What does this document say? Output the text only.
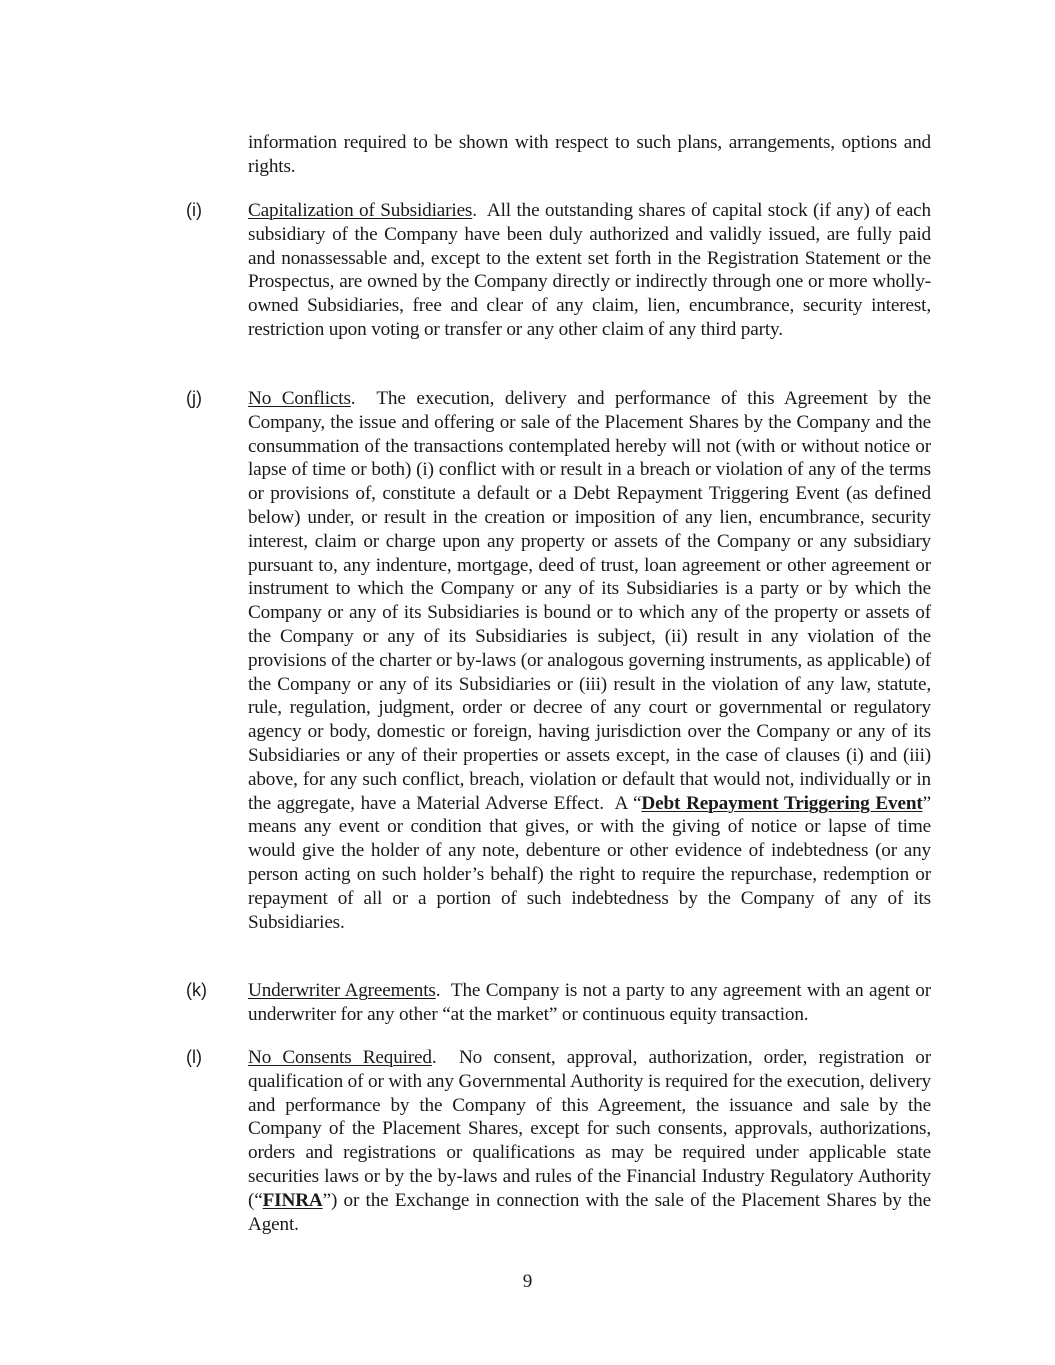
information required to be shown with respect to such plans, arrangements, options and rights.

(i) Capitalization of Subsidiaries.  All the outstanding shares of capital stock (if any) of each subsidiary of the Company have been duly authorized and validly issued, are fully paid and nonassessable and, except to the extent set forth in the Registration Statement or the Prospectus, are owned by the Company directly or indirectly through one or more wholly-owned Subsidiaries, free and clear of any claim, lien, encumbrance, security interest, restriction upon voting or transfer or any other claim of any third party.

(j) No Conflicts.  The execution, delivery and performance of this Agreement by the Company, the issue and offering or sale of the Placement Shares by the Company and the consummation of the transactions contemplated hereby will not (with or without notice or lapse of time or both) (i) conflict with or result in a breach or violation of any of the terms or provisions of, constitute a default or a Debt Repayment Triggering Event (as defined below) under, or result in the creation or imposition of any lien, encumbrance, security interest, claim or charge upon any property or assets of the Company or any subsidiary pursuant to, any indenture, mortgage, deed of trust, loan agreement or other agreement or instrument to which the Company or any of its Subsidiaries is a party or by which the Company or any of its Subsidiaries is bound or to which any of the property or assets of the Company or any of its Subsidiaries is subject, (ii) result in any violation of the provisions of the charter or by-laws (or analogous governing instruments, as applicable) of the Company or any of its Subsidiaries or (iii) result in the violation of any law, statute, rule, regulation, judgment, order or decree of any court or governmental or regulatory agency or body, domestic or foreign, having jurisdiction over the Company or any of its Subsidiaries or any of their properties or assets except, in the case of clauses (i) and (iii) above, for any such conflict, breach, violation or default that would not, individually or in the aggregate, have a Material Adverse Effect.  A “Debt Repayment Triggering Event” means any event or condition that gives, or with the giving of notice or lapse of time would give the holder of any note, debenture or other evidence of indebtedness (or any person acting on such holder’s behalf) the right to require the repurchase, redemption or repayment of all or a portion of such indebtedness by the Company of any of its Subsidiaries.

(k) Underwriter Agreements.  The Company is not a party to any agreement with an agent or underwriter for any other “at the market” or continuous equity transaction.

(l) No Consents Required.  No consent, approval, authorization, order, registration or qualification of or with any Governmental Authority is required for the execution, delivery and performance by the Company of this Agreement, the issuance and sale by the Company of the Placement Shares, except for such consents, approvals, authorizations, orders and registrations or qualifications as may be required under applicable state securities laws or by the by-laws and rules of the Financial Industry Regulatory Authority (“FINRA”) or the Exchange in connection with the sale of the Placement Shares by the Agent.

9
